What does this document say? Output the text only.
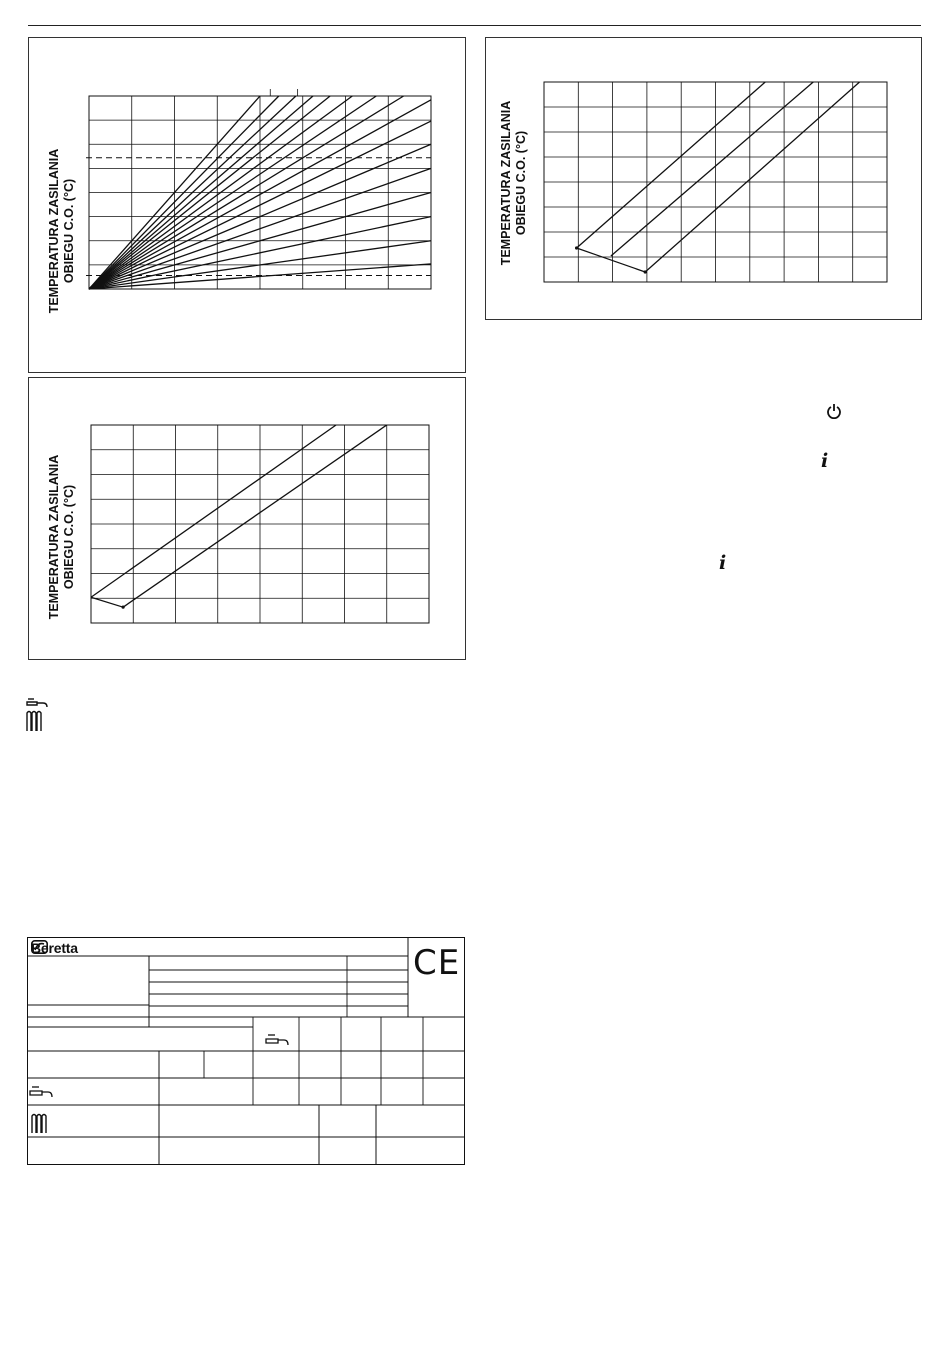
TEMPERATURA ZASILANIA OBIEGU C.O. (°C)
TEMPERATURA ZASILANIA OBIEGU C.O. (°C)
TEMPERATURA ZASILANIA OBIEGU C.O. (°C)
𝒊
𝒊
Beretta	CE
